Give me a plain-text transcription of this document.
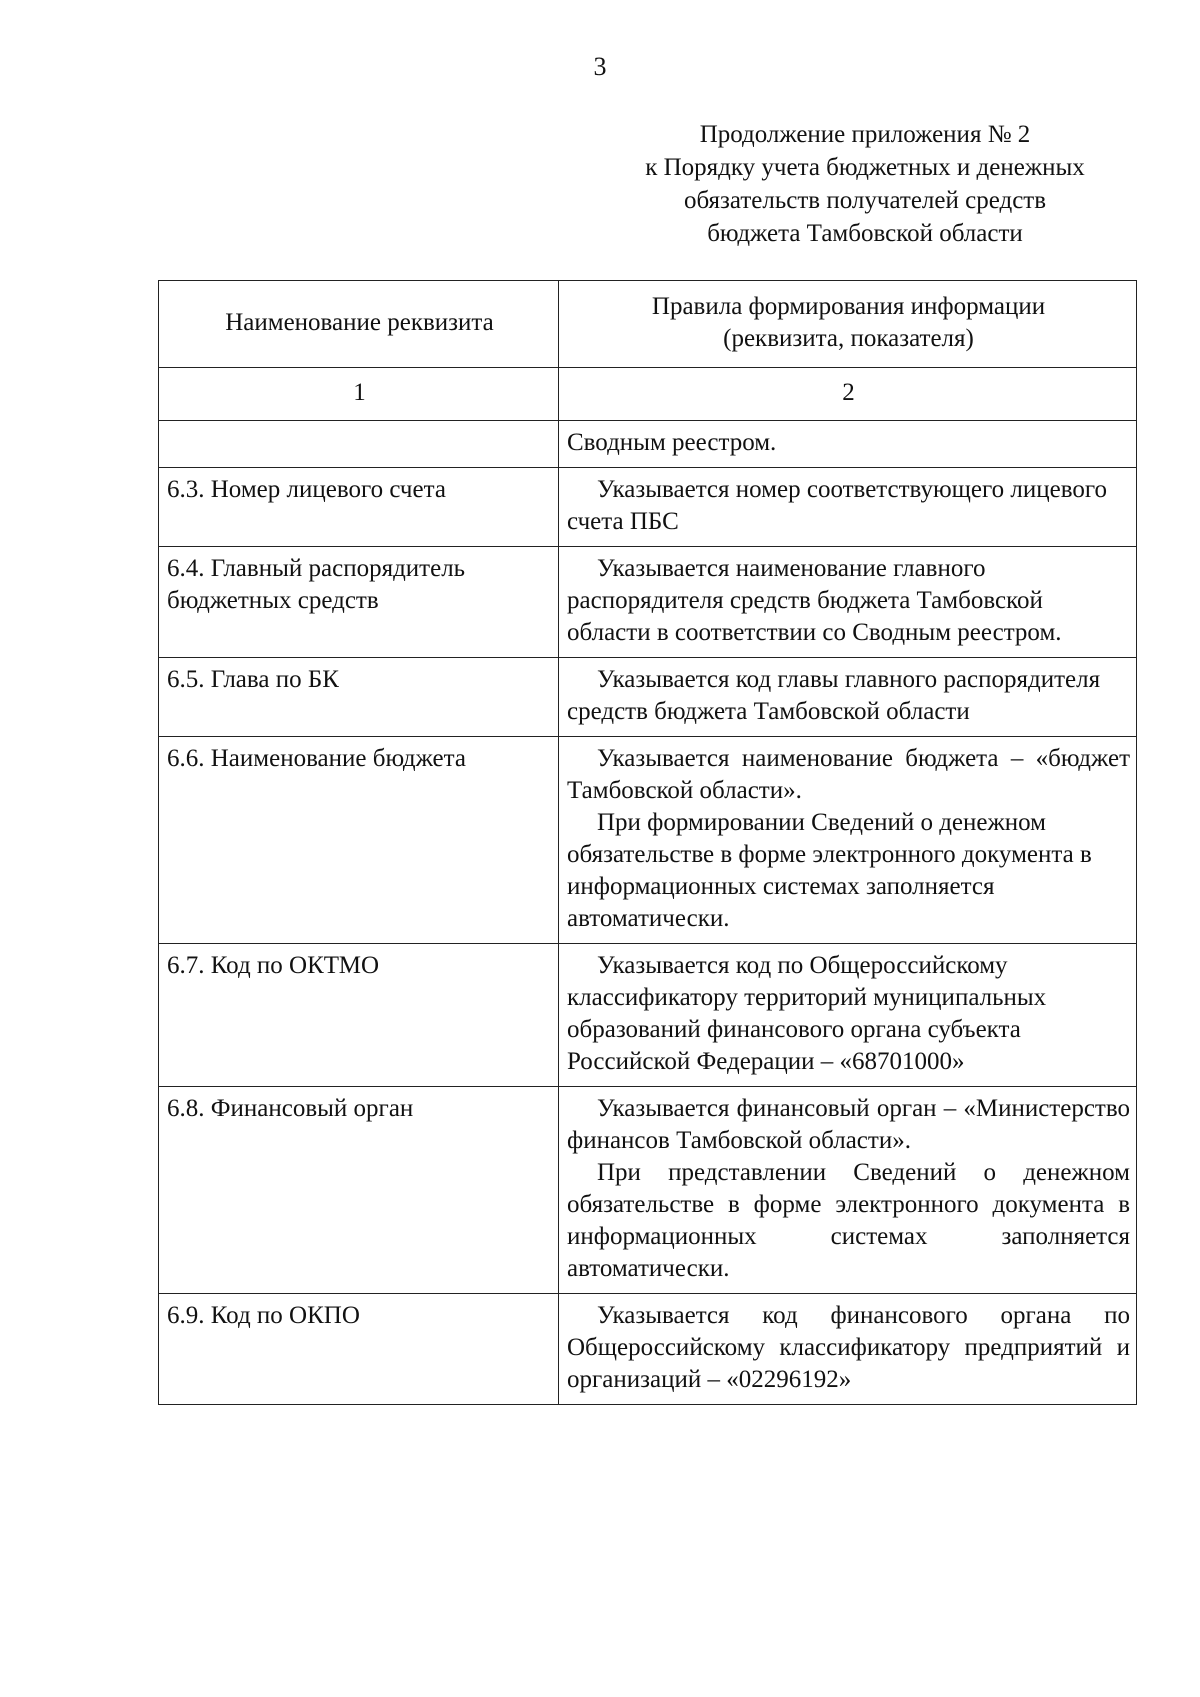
3
Продолжение приложения № 2
к Порядку учета бюджетных и денежных
обязательств получателей средств
бюджета Тамбовской области
Наименование реквизита	Правила формирования информации
(реквизита, показателя)

1	2

	Сводным реестром.

6.3. Номер лицевого счета	Указывается номер соответствующего лицевого счета ПБС

6.4. Главный распорядитель бюджетных средств	Указывается наименование главного распорядителя средств бюджета Тамбовской области в соответствии со Сводным реестром.

6.5. Глава по БК	Указывается код главы главного распорядителя средств бюджета Тамбовской области

6.6. Наименование бюджета	Указывается наименование бюджета – «бюджет Тамбовской области».

При формировании Сведений о денежном обязательстве в форме электронного документа в информационных системах заполняется автоматически.

6.7. Код по ОКТМО	Указывается код по Общероссийскому классификатору территорий муниципальных образований финансового органа субъекта Российской Федерации – «68701000»

6.8. Финансовый орган	Указывается финансовый орган – «Министерство финансов Тамбовской области».

При представлении Сведений о денежном обязательстве в форме электронного документа в информационных системах заполняется автоматически.

6.9. Код по ОКПО	Указывается код финансового органа по Общероссийскому классификатору предприятий и организаций – «02296192»
